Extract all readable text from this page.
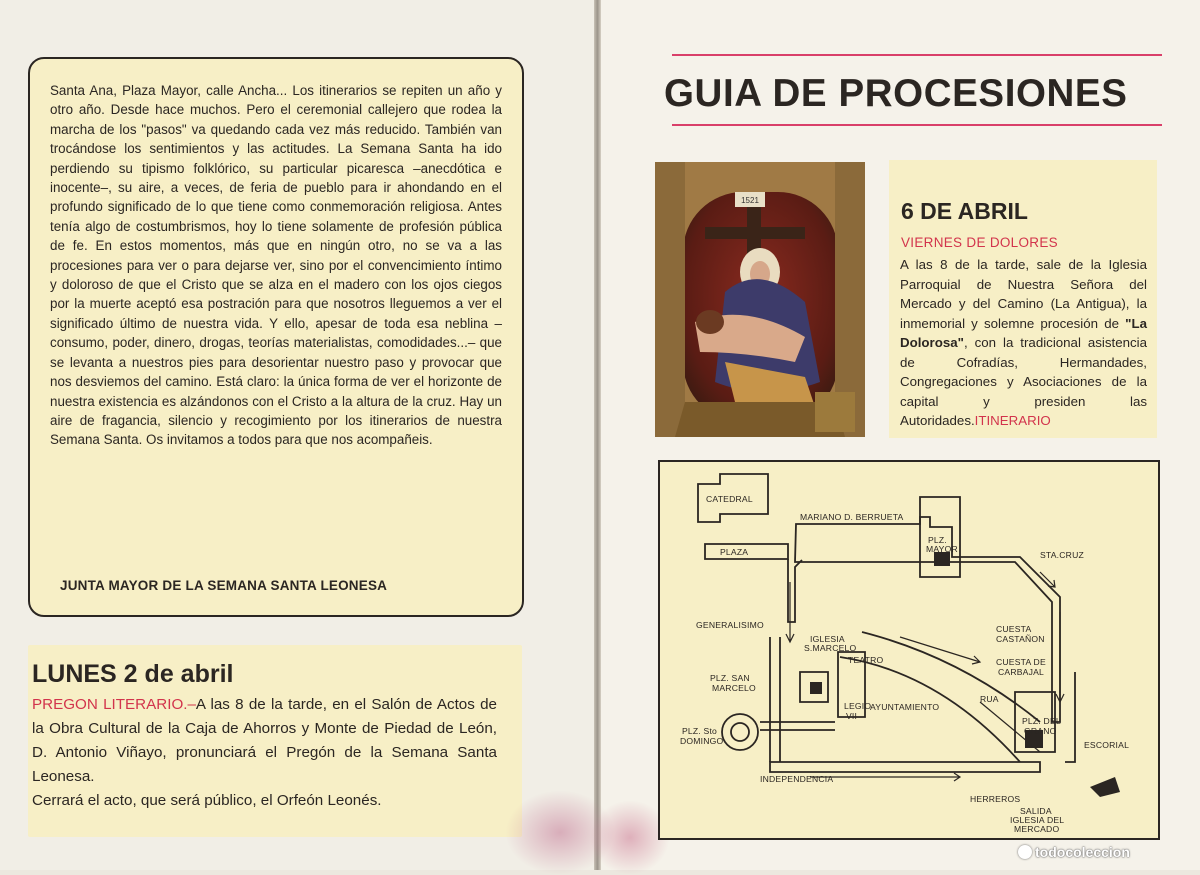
Santa Ana, Plaza Mayor, calle Ancha... Los itinerarios se repiten un año y otro año. Desde hace muchos. Pero el ceremonial callejero que rodea la marcha de los "pasos" va quedando cada vez más reducido. También van trocándose los sentimientos y las actitudes. La Semana Santa ha ido perdiendo su tipismo folklórico, su particular picaresca –anecdótica e inocente–, su aire, a veces, de feria de pueblo para ir ahondando en el profundo significado de lo que tiene como conmemoración religiosa. Antes tenía algo de costumbrismos, hoy lo tiene solamente de profesión pública de fe. En estos momentos, más que en ningún otro, no se va a las procesiones para ver o para dejarse ver, sino por el convencimiento íntimo y doloroso de que el Cristo que se alza en el madero con los ojos ciegos por la muerte aceptó esa postración para que nosotros lleguemos a ver el significado último de nuestra vida. Y ello, apesar de toda esa neblina –consumo, poder, dinero, drogas, teorías materialistas, comodidades...– que se levanta a nuestros pies para desorientar nuestro paso y provocar que nos desviemos del camino. Está claro: la única forma de ver el horizonte de nuestra existencia es alzándonos con el Cristo a la altura de la cruz. Hay un aire de fragancia, silencio y recogimiento por los itinerarios de nuestra Semana Santa. Os invitamos a todos para que nos acompañeis.

JUNTA MAYOR DE LA SEMANA SANTA LEONESA
LUNES 2 de abril

PREGON LITERARIO.–A las 8 de la tarde, en el Salón de Actos de la Obra Cultural de la Caja de Ahorros y Monte de Piedad de León, D. Antonio Viñayo, pronunciará el Pregón de la Semana Santa Leonesa.
Cerrará el acto, que será público, el Orfeón Leonés.

GUIA DE PROCESIONES
1521	6 DE ABRIL
VIERNES DE DOLORES

A las 8 de la tarde, sale de la Iglesia Parroquial de Nuestra Señora del Mercado y del Camino (La Antigua), la inmemorial y solemne procesión de "La Dolorosa", con la tradicional asistencia de Cofradías, Hermandades, Congregaciones y Asociaciones de la capital y presiden las Autoridades.ITINERARIO

CATEDRAL
MARIANO D. BERRUETA
PLAZA
PLZ.
MAYOR
STA.CRUZ
GENERALISIMO
IGLESIA
S.MARCELO
CUESTA
CASTAÑON
TEATRO	CUESTA DE
CARBAJAL
PLZ. SAN
MARCELO
RUA
PLZ. DEL
GRANO
PLZ. Sto
DOMINGO
LEGIO
VII
AYUNTAMIENTO
ESCORIAL
INDEPENDENCIA
HERREROS
SALIDA
IGLESIA DEL
MERCADO
todocoleccion
